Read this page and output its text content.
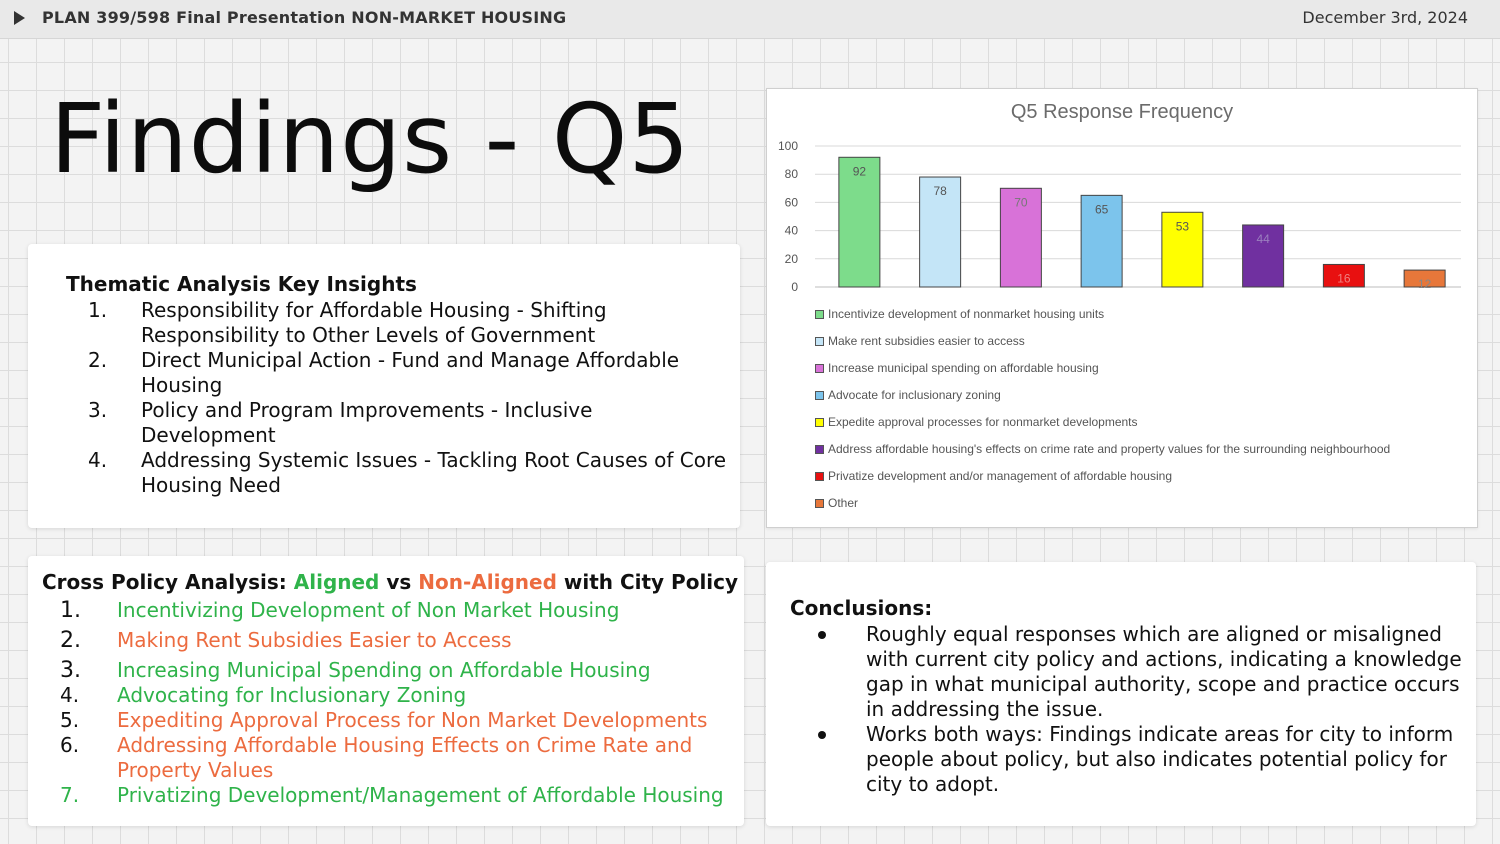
PLAN 399/598 Final Presentation NON-MARKET HOUSING	December 3rd, 2024
Findings - Q5
Thematic Analysis Key Insights
1. Responsibility for Affordable Housing - Shifting Responsibility to Other Levels of Government
2. Direct Municipal Action - Fund and Manage Affordable Housing
3. Policy and Program Improvements - Inclusive Development
4. Addressing Systemic Issues - Tackling Root Causes of Core Housing Need
Q5 Response Frequency
0
20
40
60
80
100
92
78
70
65
53
44
16	12
Incentivize development of nonmarket housing units
Make rent subsidies easier to access
Increase municipal spending on affordable housing
Advocate for inclusionary zoning
Expedite approval processes for nonmarket developments
Address affordable housing's effects on crime rate and property values for the surrounding neighbourhood
Privatize development and/or management of affordable housing
Other
Cross Policy Analysis: Aligned vs Non-Aligned with City Policy
1. Incentivizing Development of Non Market Housing
2. Making Rent Subsidies Easier to Access
3. Increasing Municipal Spending on Affordable Housing
4. Advocating for Inclusionary Zoning
5. Expediting Approval Process for Non Market Developments
6. Addressing Affordable Housing Effects on Crime Rate and Property Values
7. Privatizing Development/Management of Affordable Housing
Conclusions:
Roughly equal responses which are aligned or misaligned with current city policy and actions, indicating a knowledge gap in what municipal authority, scope and practice occurs in addressing the issue.
Works both ways: Findings indicate areas for city to inform people about policy, but also indicates potential policy for city to adopt.
